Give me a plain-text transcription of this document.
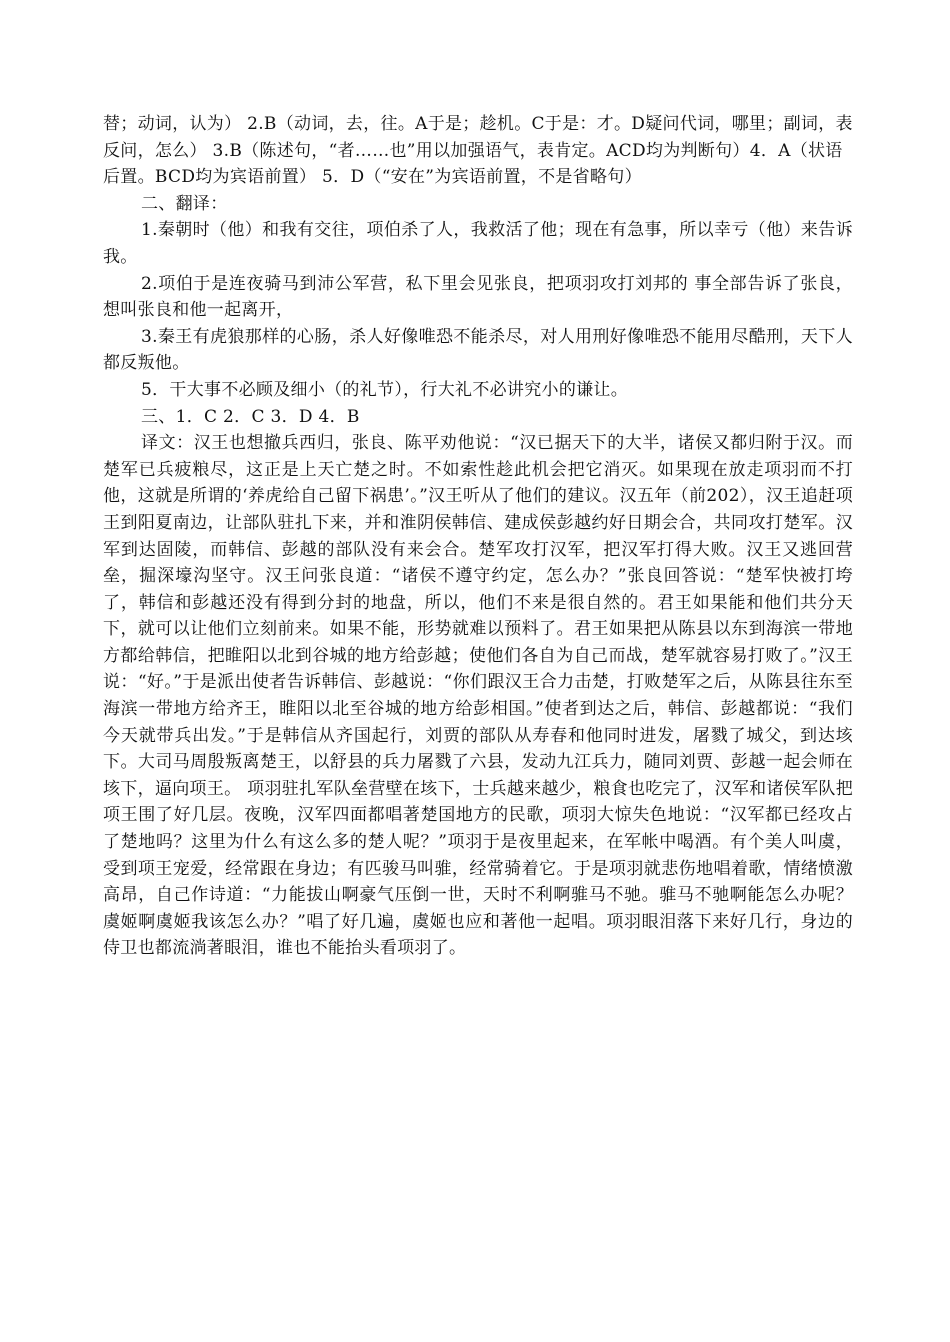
替；动词，认为） 2.B（动词，去，往。A于是；趁机。C于是：才。D疑问代词，哪里；副词，表反问，怎么） 3.B（陈述句，“者……也”用以加强语气，表肯定。ACD均为判断句）4．A（状语后置。BCD均为宾语前置） 5．D（“安在”为宾语前置，不是省略句）

二、翻译：

1.秦朝时（他）和我有交往，项伯杀了人，我救活了他；现在有急事，所以幸亏（他）来告诉我。

2.项伯于是连夜骑马到沛公军营，私下里会见张良，把项羽攻打刘邦的 事全部告诉了张良，想叫张良和他一起离开，

3.秦王有虎狼那样的心肠，杀人好像唯恐不能杀尽，对人用刑好像唯恐不能用尽酷刑，天下人都反叛他。

5．干大事不必顾及细小（的礼节），行大礼不必讲究小的谦让。

三、1．C 2．C 3．D 4．B

译文：汉王也想撤兵西归，张良、陈平劝他说：“汉已据天下的大半，诸侯又都归附于汉。而楚军已兵疲粮尽，这正是上天亡楚之时。不如索性趁此机会把它消灭。如果现在放走项羽而不打他，这就是所谓的‘养虎给自己留下祸患’。”汉王听从了他们的建议。汉五年（前202），汉王追赶项王到阳夏南边，让部队驻扎下来，并和淮阴侯韩信、建成侯彭越约好日期会合，共同攻打楚军。汉军到达固陵，而韩信、彭越的部队没有来会合。楚军攻打汉军，把汉军打得大败。汉王又逃回营垒，掘深壕沟坚守。汉王问张良道：“诸侯不遵守约定，怎么办？”张良回答说：“楚军快被打垮了，韩信和彭越还没有得到分封的地盘，所以，他们不来是很自然的。君王如果能和他们共分天下，就可以让他们立刻前来。如果不能，形势就难以预料了。君王如果把从陈县以东到海滨一带地方都给韩信，把睢阳以北到谷城的地方给彭越；使他们各自为自己而战，楚军就容易打败了。”汉王说：“好。”于是派出使者告诉韩信、彭越说：“你们跟汉王合力击楚，打败楚军之后，从陈县往东至海滨一带地方给齐王，睢阳以北至谷城的地方给彭相国。”使者到达之后，韩信、彭越都说：“我们今天就带兵出发。”于是韩信从齐国起行，刘贾的部队从寿春和他同时进发，屠戮了城父，到达垓下。大司马周殷叛离楚王，以舒县的兵力屠戮了六县，发动九江兵力，随同刘贾、彭越一起会师在垓下，逼向项王。 项羽驻扎军队垒营壁在垓下，士兵越来越少，粮食也吃完了，汉军和诸侯军队把项王围了好几层。夜晚，汉军四面都唱著楚国地方的民歌，项羽大惊失色地说：“汉军都已经攻占了楚地吗？这里为什么有这么多的楚人呢？”项羽于是夜里起来，在军帐中喝酒。有个美人叫虞，受到项王宠爱，经常跟在身边；有匹骏马叫骓，经常骑着它。于是项羽就悲伤地唱着歌，情绪愤激高昂，自己作诗道：“力能拔山啊豪气压倒一世，天时不利啊骓马不驰。骓马不驰啊能怎么办呢？虞姬啊虞姬我该怎么办？”唱了好几遍，虞姬也应和著他一起唱。项羽眼泪落下来好几行，身边的侍卫也都流淌著眼泪，谁也不能抬头看项羽了。
